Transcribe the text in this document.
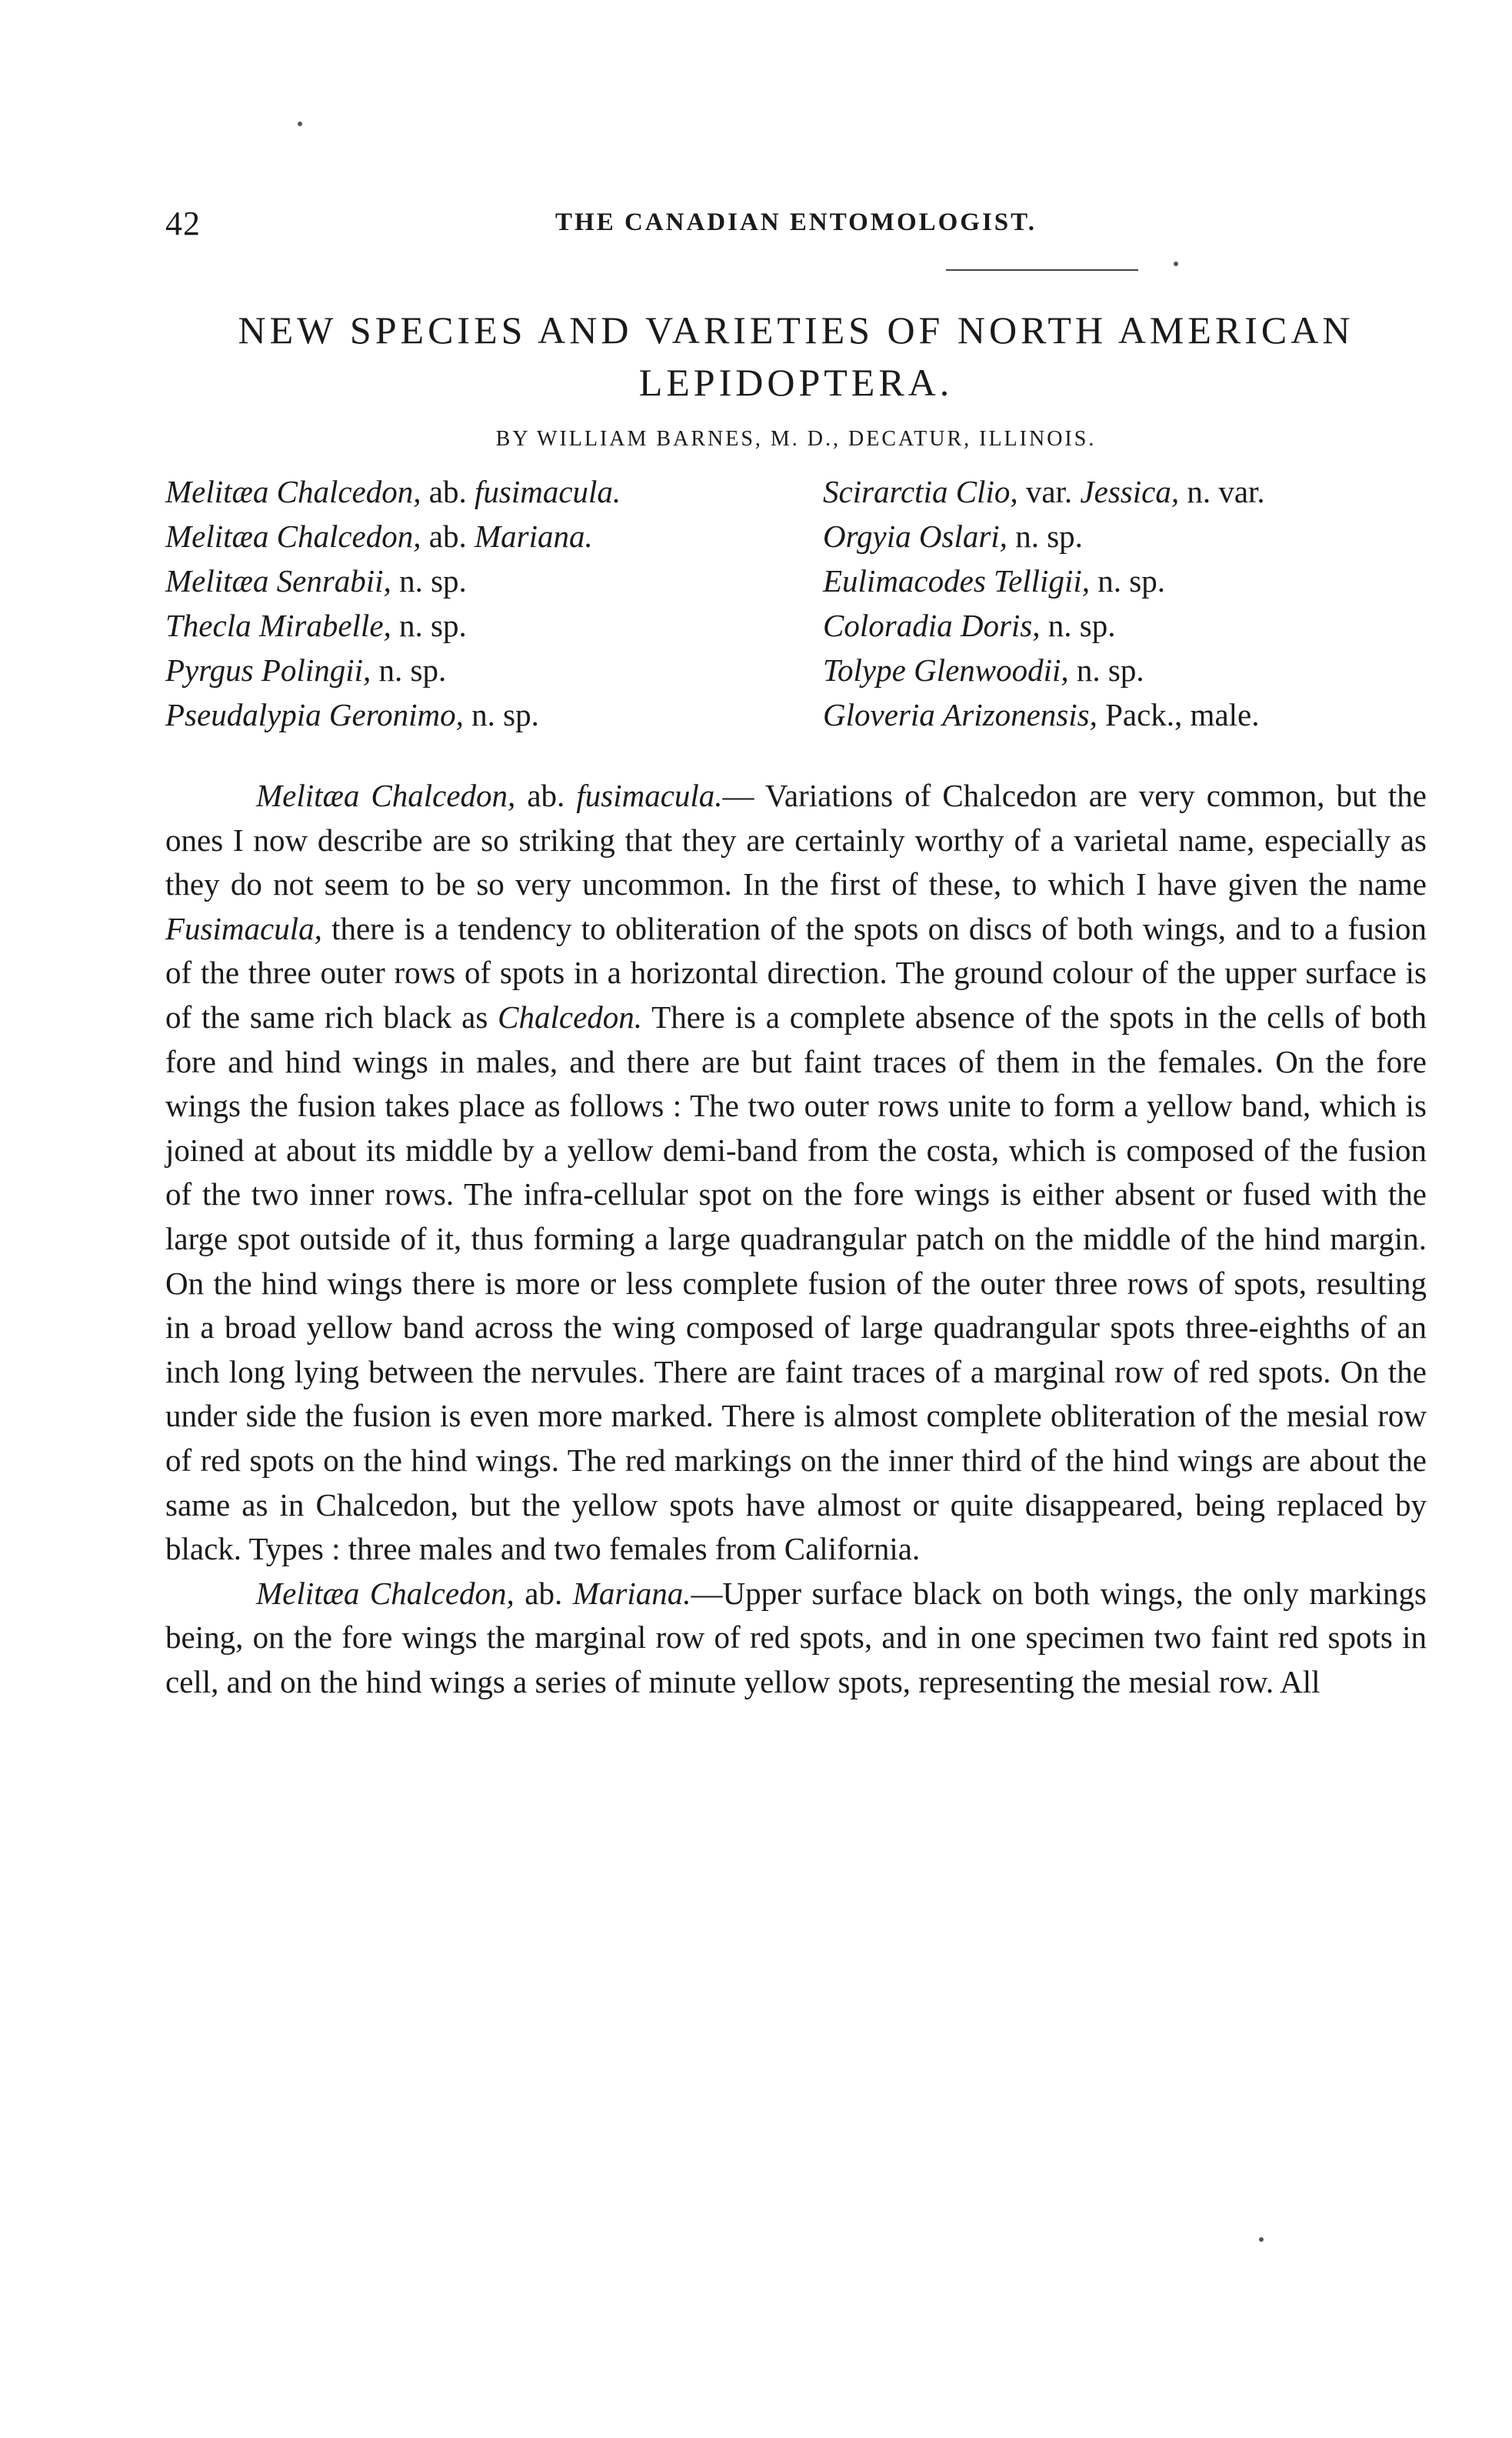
42	THE CANADIAN ENTOMOLOGIST.
NEW SPECIES AND VARIETIES OF NORTH AMERICAN
LEPIDOPTERA.
BY WILLIAM BARNES, M. D., DECATUR, ILLINOIS.
Melitæa Chalcedon, ab. fusimacula.	Scirarctia Clio, var. Jessica, n. var.
Melitæa Chalcedon, ab. Mariana.	Orgyia Oslari, n. sp.
Melitæa Senrabii, n. sp.	Eulimacodes Telligii, n. sp.
Thecla Mirabelle, n. sp.	Coloradia Doris, n. sp.
Pyrgus Polingii, n. sp.	Tolype Glenwoodii, n. sp.
Pseudalypia Geronimo, n. sp.	Gloveria Arizonensis, Pack., male.

Melitæa Chalcedon, ab. fusimacula.— Variations of Chalcedon are very common, but the ones I now describe are so striking that they are certainly worthy of a varietal name, especially as they do not seem to be so very uncommon. In the first of these, to which I have given the name Fusimacula, there is a tendency to obliteration of the spots on discs of both wings, and to a fusion of the three outer rows of spots in a horizontal direction. The ground colour of the upper surface is of the same rich black as Chalcedon. There is a complete absence of the spots in the cells of both fore and hind wings in males, and there are but faint traces of them in the females. On the fore wings the fusion takes place as follows : The two outer rows unite to form a yellow band, which is joined at about its middle by a yellow demi-band from the costa, which is composed of the fusion of the two inner rows. The infra-cellular spot on the fore wings is either absent or fused with the large spot outside of it, thus forming a large quadrangular patch on the middle of the hind margin. On the hind wings there is more or less complete fusion of the outer three rows of spots, resulting in a broad yellow band across the wing composed of large quadrangular spots three-eighths of an inch long lying between the nervules. There are faint traces of a marginal row of red spots. On the under side the fusion is even more marked. There is almost complete obliteration of the mesial row of red spots on the hind wings. The red markings on the inner third of the hind wings are about the same as in Chalcedon, but the yellow spots have almost or quite disappeared, being replaced by black. Types : three males and two females from California.

Melitæa Chalcedon, ab. Mariana.—Upper surface black on both wings, the only markings being, on the fore wings the marginal row of red spots, and in one specimen two faint red spots in cell, and on the hind wings a series of minute yellow spots, representing the mesial row. All
